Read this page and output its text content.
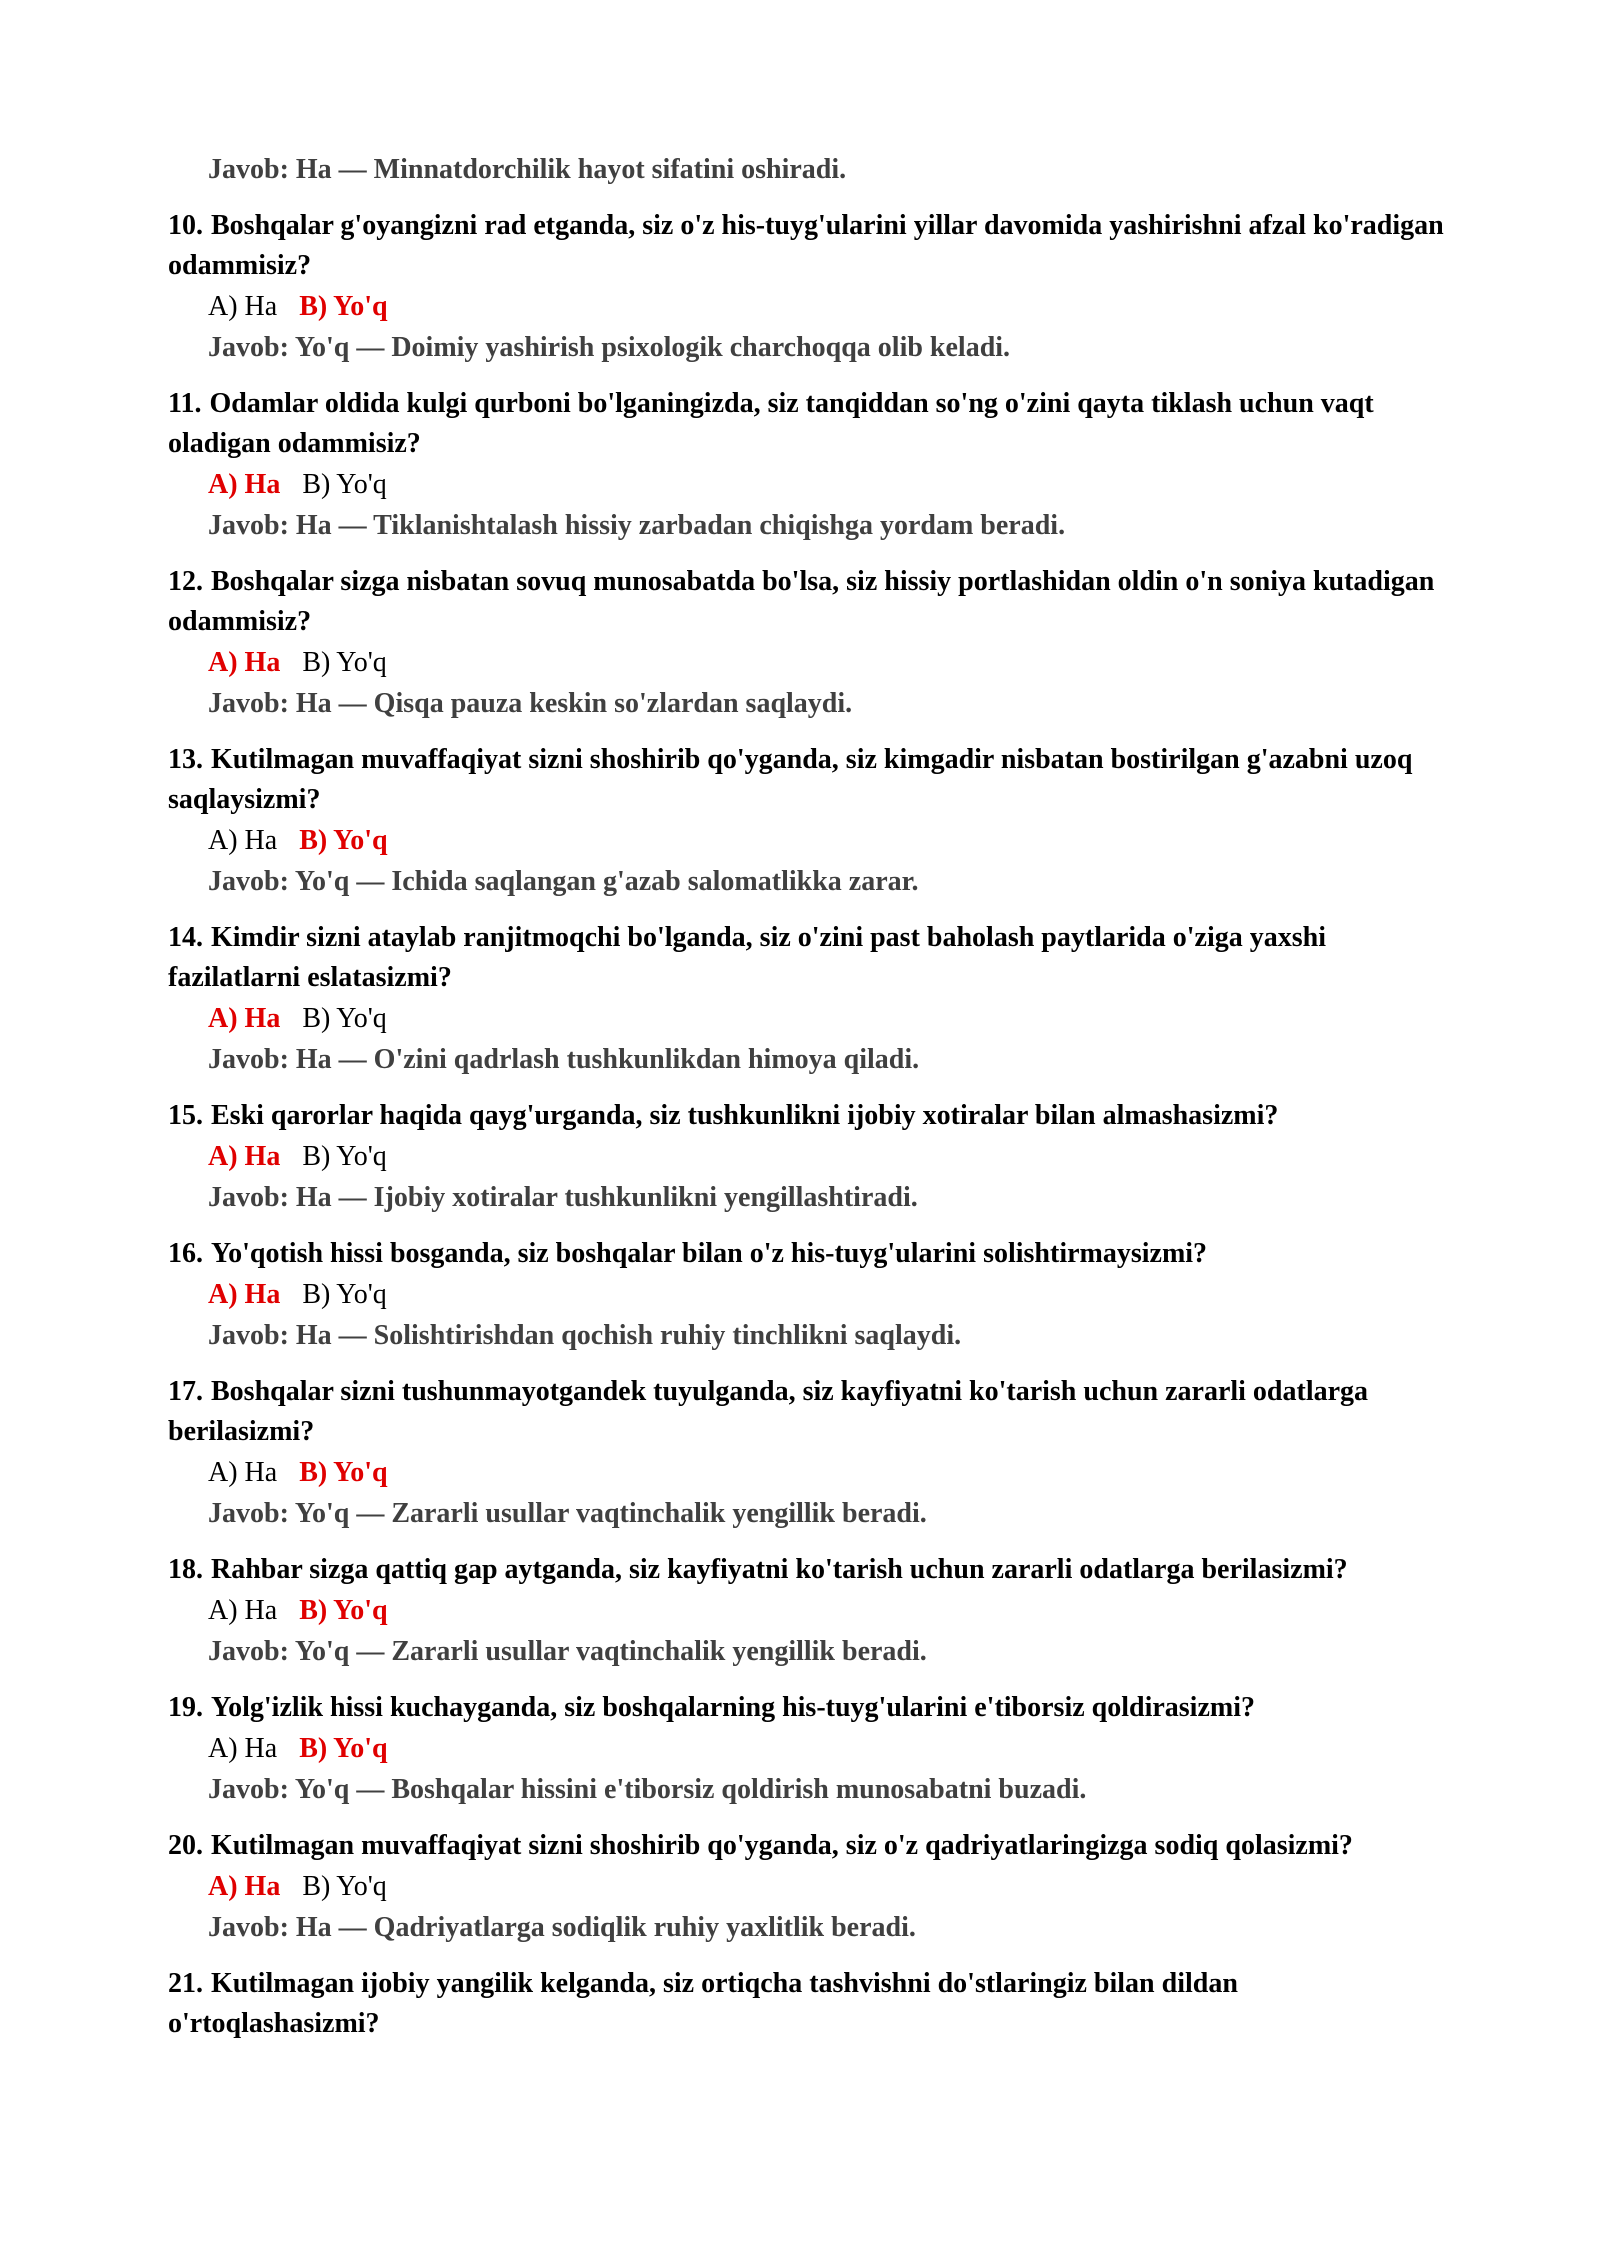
Javob: Ha — Minnatdorchilik hayot sifatini oshiradi.
10. Boshqalar g'oyangizni rad etganda, siz o'z his-tuyg'ularini yillar davomida yashirishni afzal ko'radigan odammisiz?
A) Ha B) Yo'q
Javob: Yo'q — Doimiy yashirish psixologik charchoqqa olib keladi.
11. Odamlar oldida kulgi qurboni bo'lganingizda, siz tanqiddan so'ng o'zini qayta tiklash uchun vaqt oladigan odammisiz?
A) Ha B) Yo'q
Javob: Ha — Tiklanishtalash hissiy zarbadan chiqishga yordam beradi.
12. Boshqalar sizga nisbatan sovuq munosabatda bo'lsa, siz hissiy portlashidan oldin o'n soniya kutadigan odammisiz?
A) Ha B) Yo'q
Javob: Ha — Qisqa pauza keskin so'zlardan saqlaydi.
13. Kutilmagan muvaffaqiyat sizni shoshirib qo'yganda, siz kimgadir nisbatan bostirilgan g'azabni uzoq saqlaysizmi?
A) Ha B) Yo'q
Javob: Yo'q — Ichida saqlangan g'azab salomatlikka zarar.
14. Kimdir sizni ataylab ranjitmoqchi bo'lganda, siz o'zini past baholash paytlarida o'ziga yaxshi fazilatlarni eslatasizmi?
A) Ha B) Yo'q
Javob: Ha — O'zini qadrlash tushkunlikdan himoya qiladi.
15. Eski qarorlar haqida qayg'urganda, siz tushkunlikni ijobiy xotiralar bilan almashasizmi?
A) Ha B) Yo'q
Javob: Ha — Ijobiy xotiralar tushkunlikni yengillashtiradi.
16. Yo'qotish hissi bosganda, siz boshqalar bilan o'z his-tuyg'ularini solishtirmaysizmi?
A) Ha B) Yo'q
Javob: Ha — Solishtirishdan qochish ruhiy tinchlikni saqlaydi.
17. Boshqalar sizni tushunmayotgandek tuyulganda, siz kayfiyatni ko'tarish uchun zararli odatlarga berilasizmi?
A) Ha B) Yo'q
Javob: Yo'q — Zararli usullar vaqtinchalik yengillik beradi.
18. Rahbar sizga qattiq gap aytganda, siz kayfiyatni ko'tarish uchun zararli odatlarga berilasizmi?
A) Ha B) Yo'q
Javob: Yo'q — Zararli usullar vaqtinchalik yengillik beradi.
19. Yolg'izlik hissi kuchayganda, siz boshqalarning his-tuyg'ularini e'tiborsiz qoldirasizmi?
A) Ha B) Yo'q
Javob: Yo'q — Boshqalar hissini e'tiborsiz qoldirish munosabatni buzadi.
20. Kutilmagan muvaffaqiyat sizni shoshirib qo'yganda, siz o'z qadriyatlaringizga sodiq qolasizmi?
A) Ha B) Yo'q
Javob: Ha — Qadriyatlarga sodiqlik ruhiy yaxlitlik beradi.
21. Kutilmagan ijobiy yangilik kelganda, siz ortiqcha tashvishni do'stlaringiz bilan dildan o'rtoqlashasizmi?
